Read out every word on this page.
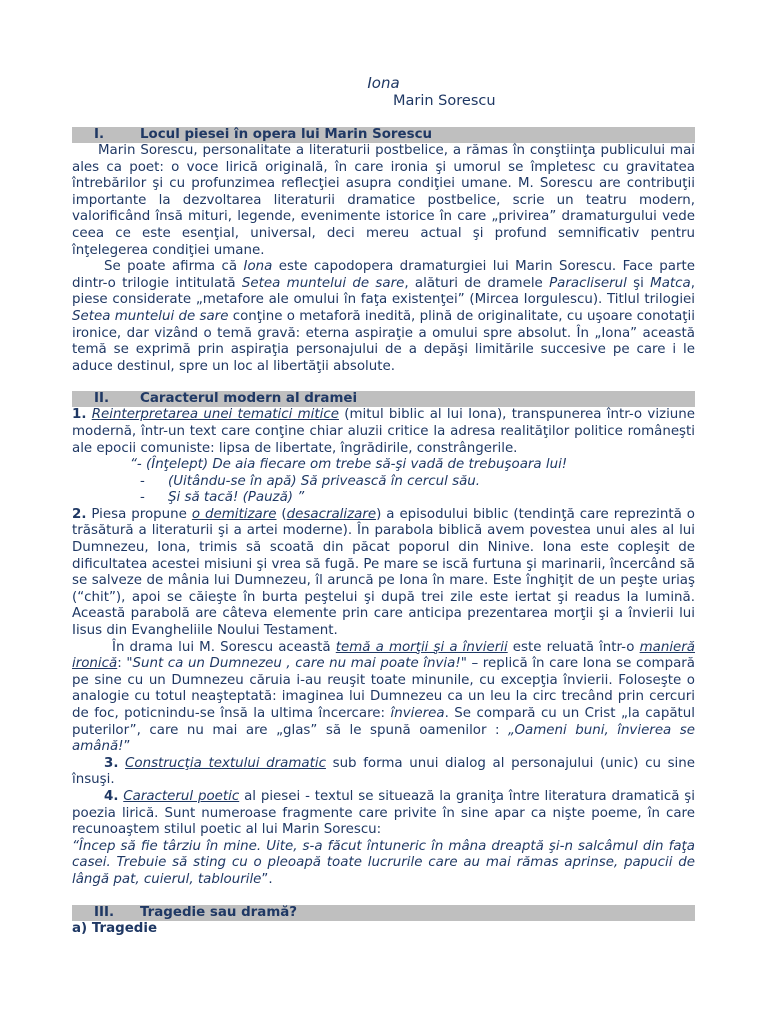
Iona

Marin Sorescu

I.	Locul piesei în opera lui Marin Sorescu

Marin Sorescu, personalitate a literaturii postbelice, a rămas în conştiinţa publicului mai ales ca poet: o voce lirică originală, în care ironia şi umorul se împletesc cu gravitatea întrebărilor şi cu profunzimea reflecţiei asupra condiţiei umane. M. Sorescu are contribuţii importante la dezvoltarea literaturii dramatice postbelice, scrie un teatru modern, valorificând însă mituri, legende, evenimente istorice în care „privirea” dramaturgului vede ceea ce este esenţial, universal, deci mereu actual şi profund semnificativ pentru înţelegerea condiţiei umane.

Se poate afirma că Iona este capodopera dramaturgiei lui Marin Sorescu. Face parte dintr-o trilogie intitulată Setea muntelui de sare, alături de dramele Paracliserul şi Matca, piese considerate „metafore ale omului în faţa existenţei” (Mircea Iorgulescu). Titlul trilogiei Setea muntelui de sare conţine o metaforă inedită, plină de originalitate, cu uşoare conotaţii ironice, dar vizând o temă gravă: eterna aspiraţie a omului spre absolut. În „Iona” această temă se exprimă prin aspiraţia personajului de a depăşi limitările succesive pe care i le aduce destinul, spre un loc al libertăţii absolute.

II.	Caracterul modern al dramei

1. Reinterpretarea unei tematici mitice (mitul biblic al lui Iona), transpunerea într-o viziune modernă, într-un text care conţine chiar aluzii critice la adresa realităţilor politice româneşti ale epocii comuniste: lipsa de libertate, îngrădirile, constrângerile.

“- (Înţelept) De aia fiecare om trebe să-şi vadă de trebuşoara lui!

- (Uitându-se în apă) Să privească în cercul său.

- Şi să tacă! (Pauză) ”

2. Piesa propune o demitizare (desacralizare) a episodului biblic (tendinţă care reprezintă o trăsătură a literaturii şi a artei moderne). În parabola biblică avem povestea unui ales al lui Dumnezeu, Iona, trimis să scoată din păcat poporul din Ninive. Iona este copleşit de dificultatea acestei misiuni şi vrea să fugă. Pe mare se iscă furtuna şi marinarii, încercând să se salveze de mânia lui Dumnezeu, îl aruncă pe Iona în mare. Este înghiţit de un peşte uriaş (“chit”), apoi se căieşte în burta peştelui şi după trei zile este iertat şi readus la lumină. Această parabolă are câteva elemente prin care anticipa prezentarea morţii şi a învierii lui Iisus din Evangheliile Noului Testament.

În drama lui M. Sorescu această temă a morţii şi a învierii este reluată într-o manieră ironică: "Sunt ca un Dumnezeu , care nu mai poate învia!" – replică în care Iona se compară pe sine cu un Dumnezeu căruia i-au reuşit toate minunile, cu excepţia învierii. Foloseşte o analogie cu totul neaşteptată: imaginea lui Dumnezeu ca un leu la circ trecând prin cercuri de foc, poticnindu-se însă la ultima încercare: învierea. Se compară cu un Crist „la capătul puterilor”, care nu mai are „glas” să le spună oamenilor : „Oameni buni, învierea se amână!”

3. Construcţia textului dramatic sub forma unui dialog al personajului (unic) cu sine însuşi.

4. Caracterul poetic al piesei - textul se situează la graniţa între literatura dramatică şi poezia lirică. Sunt numeroase fragmente care privite în sine apar ca nişte poeme, în care recunoaştem stilul poetic al lui Marin Sorescu:

“Încep să fie târziu în mine. Uite, s-a făcut întuneric în mâna dreaptă şi-n salcâmul din faţa casei. Trebuie să sting cu o pleoapă toate lucrurile care au mai rămas aprinse, papucii de lângă pat, cuierul, tablourile”.

III.	Tragedie sau dramă?

a) Tragedie
